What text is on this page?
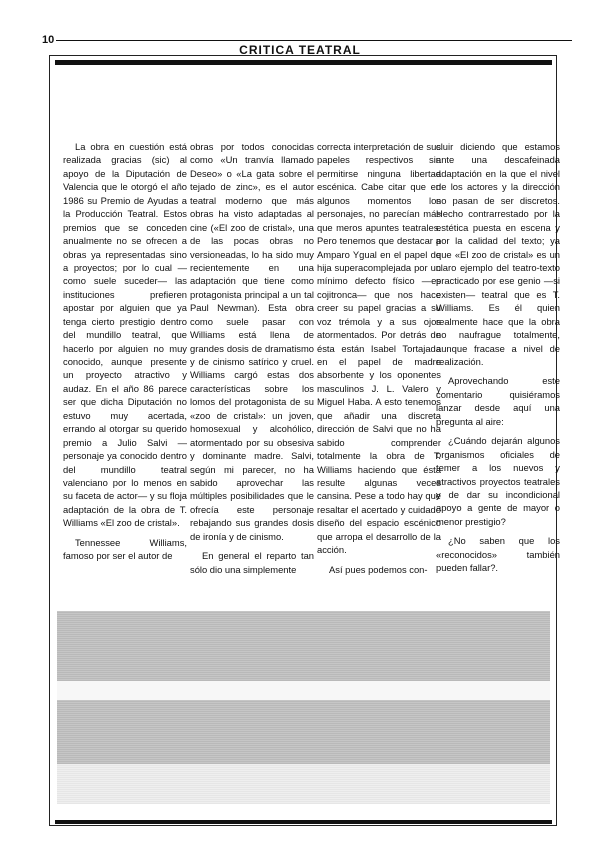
10
CRITICA TEATRAL

La obra en cuestión está realizada gracias (sic) al apoyo de la Diputación de Valencia que le otorgó el año 1986 su Premio de Ayudas a la Producción Teatral. Estos premios que se conceden anualmente no se ofrecen a obras ya representadas sino a proyectos; por lo cual —como suele suceder— las instituciones prefieren apostar por alguien que ya tenga cierto prestigio dentro del mundillo teatral, que hacerlo por alguien no muy conocido, aunque presente un proyecto atractivo y audaz. En el año 86 parece ser que dicha Diputación no estuvo muy acertada, errando al otorgar su querido premio a Julio Salvi —personaje ya conocido dentro del mundillo teatral valenciano por lo menos en su faceta de actor— y su floja adaptación de la obra de T. Williams «El zoo de cristal».

Tennessee Williams, famoso por ser el autor de

obras por todos conocidas como «Un tranvía llamado Deseo» o «La gata sobre el tejado de zinc», es el autor teatral moderno que más obras ha visto adaptadas al cine («El zoo de cristal», una de las pocas obras no versioneadas, lo ha sido muy recientemente en una adaptación que tiene como protagonista principal a un tal Paul Newman). Esta obra como suele pasar con Williams está llena de grandes dosis de dramatismo y de cinismo satírico y cruel. Williams cargó estas dos características sobre los lomos del protagonista de su «zoo de cristal»: un joven, homosexual y alcohólico, atormentado por su obsesiva y dominante madre. Salvi, según mi parecer, no ha sabido aprovechar las múltiples posibilidades que le ofrecía este personaje rebajando sus grandes dosis de ironía y de cinismo.

En general el reparto tan sólo dio una simplemente

correcta interpretación de sus papeles respectivos sin permitirse ninguna libertad escénica. Cabe citar que en algunos momentos los personajes, no parecían más que meros apuntes teatrales. Pero tenemos que destacar a Amparo Ygual en el papel de hija superacomplejada por un mínimo defecto físico —es cojitronca— que nos hace creer su papel gracias a su voz trémola y a sus ojos atormentados. Por detrás de ésta están Isabel Tortajada en el papel de madre absorbente y los oponentes masculinos J. L. Valero y Miguel Haba. A esto tenemos que añadir una discreta dirección de Salvi que no ha sabido comprender totalmente la obra de T. Williams haciendo que ésta resulte algunas veces cansina. Pese a todo hay que resaltar el acertado y cuidado diseño del espacio escénico que arropa el desarrollo de la acción.

Así pues podemos con-

cluir diciendo que estamos ante una descafeinada adaptación en la que el nivel de los actores y la dirección no pasan de ser discretos. Hecho contrarrestado por la estética puesta en escena y por la calidad del texto; ya que «El zoo de cristal» es un claro ejemplo del teatro-texto practicado por ese genio —si existen— teatral que es T. Williams. Es él quien realmente hace que la obra no naufrague totalmente, aunque fracase a nivel de realización.

Aprovechando este comentario quisiéramos lanzar desde aquí una pregunta al aire:

¿Cuándo dejarán algunos organismos oficiales de temer a los nuevos y atractivos proyectos teatrales y de dar su incondicional apoyo a gente de mayor o menor prestigio?

¿No saben que los «reconocidos» también pueden fallar?.
